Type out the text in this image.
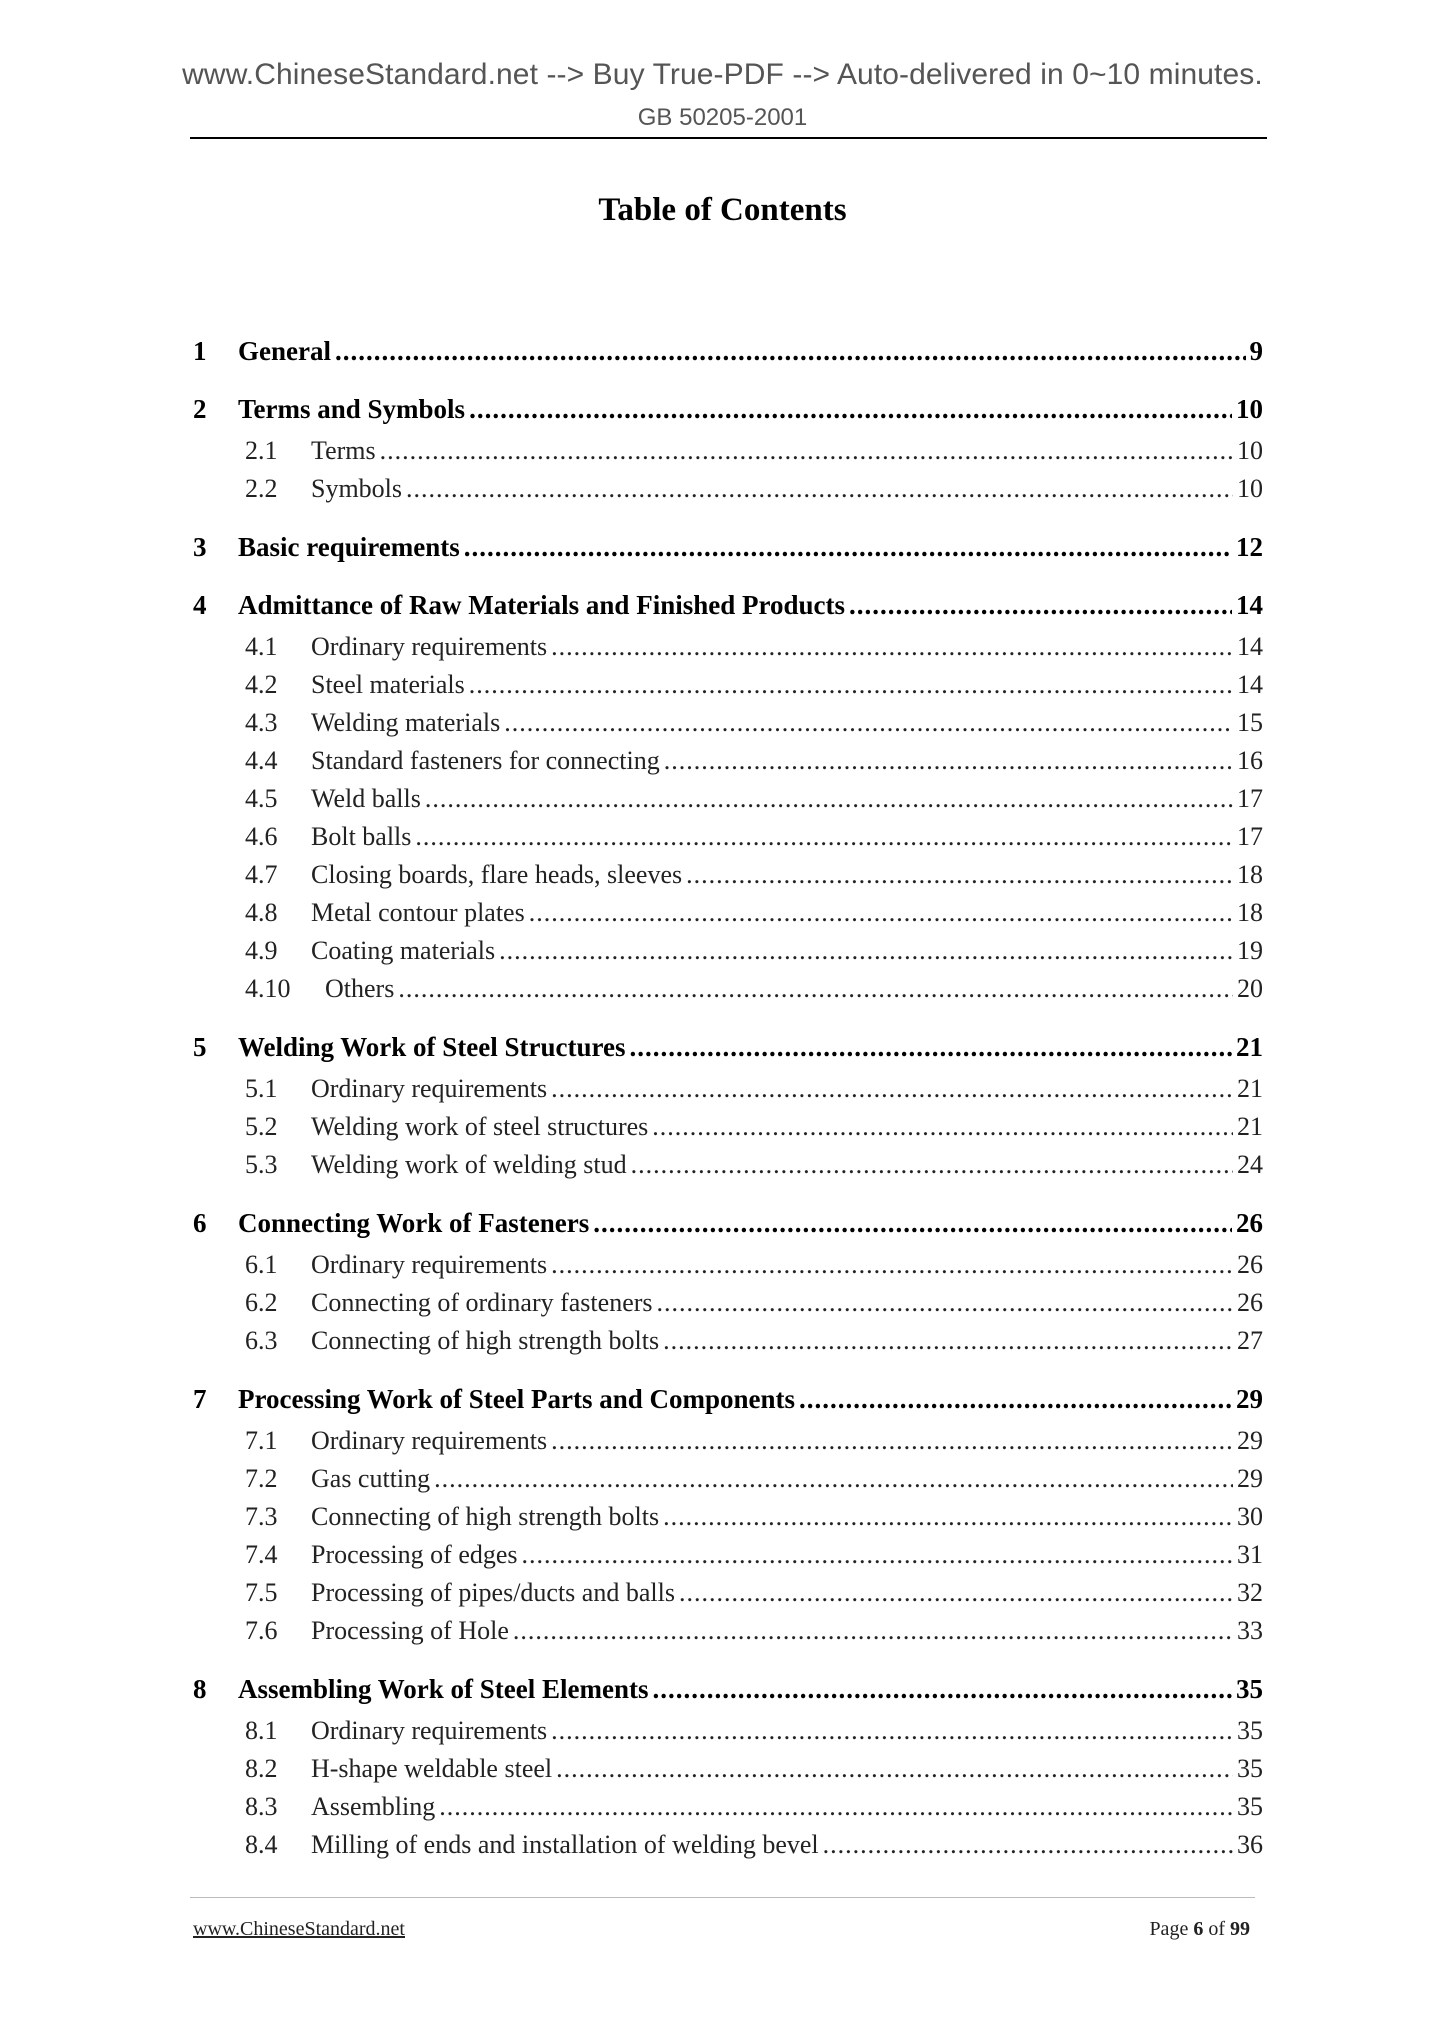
www.ChineseStandard.net --> Buy True-PDF --> Auto-delivered in 0~10 minutes.
GB 50205-2001
Table of Contents
1	General .....	9
2	Terms and Symbols .....	10
2.1	Terms .....	10
2.2	Symbols .....	10
3	Basic requirements .....	12
4	Admittance of Raw Materials and Finished Products .....	14
4.1	Ordinary requirements .....	14
4.2	Steel materials .....	14
4.3	Welding materials .....	15
4.4	Standard fasteners for connecting .....	16
4.5	Weld balls .....	17
4.6	Bolt balls .....	17
4.7	Closing boards, flare heads, sleeves .....	18
4.8	Metal contour plates .....	18
4.9	Coating materials .....	19
4.10	Others .....	20
5	Welding Work of Steel Structures .....	21
5.1	Ordinary requirements .....	21
5.2	Welding work of steel structures .....	21
5.3	Welding work of welding stud .....	24
6	Connecting Work of Fasteners .....	26
6.1	Ordinary requirements .....	26
6.2	Connecting of ordinary fasteners .....	26
6.3	Connecting of high strength bolts .....	27
7	Processing Work of Steel Parts and Components .....	29
7.1	Ordinary requirements .....	29
7.2	Gas cutting .....	29
7.3	Connecting of high strength bolts .....	30
7.4	Processing of edges .....	31
7.5	Processing of pipes/ducts and balls .....	32
7.6	Processing of Hole .....	33
8	Assembling Work of Steel Elements .....	35
8.1	Ordinary requirements .....	35
8.2	H-shape weldable steel .....	35
8.3	Assembling .....	35
8.4	Milling of ends and installation of welding bevel .....	36
www.ChineseStandard.net	Page 6 of 99
